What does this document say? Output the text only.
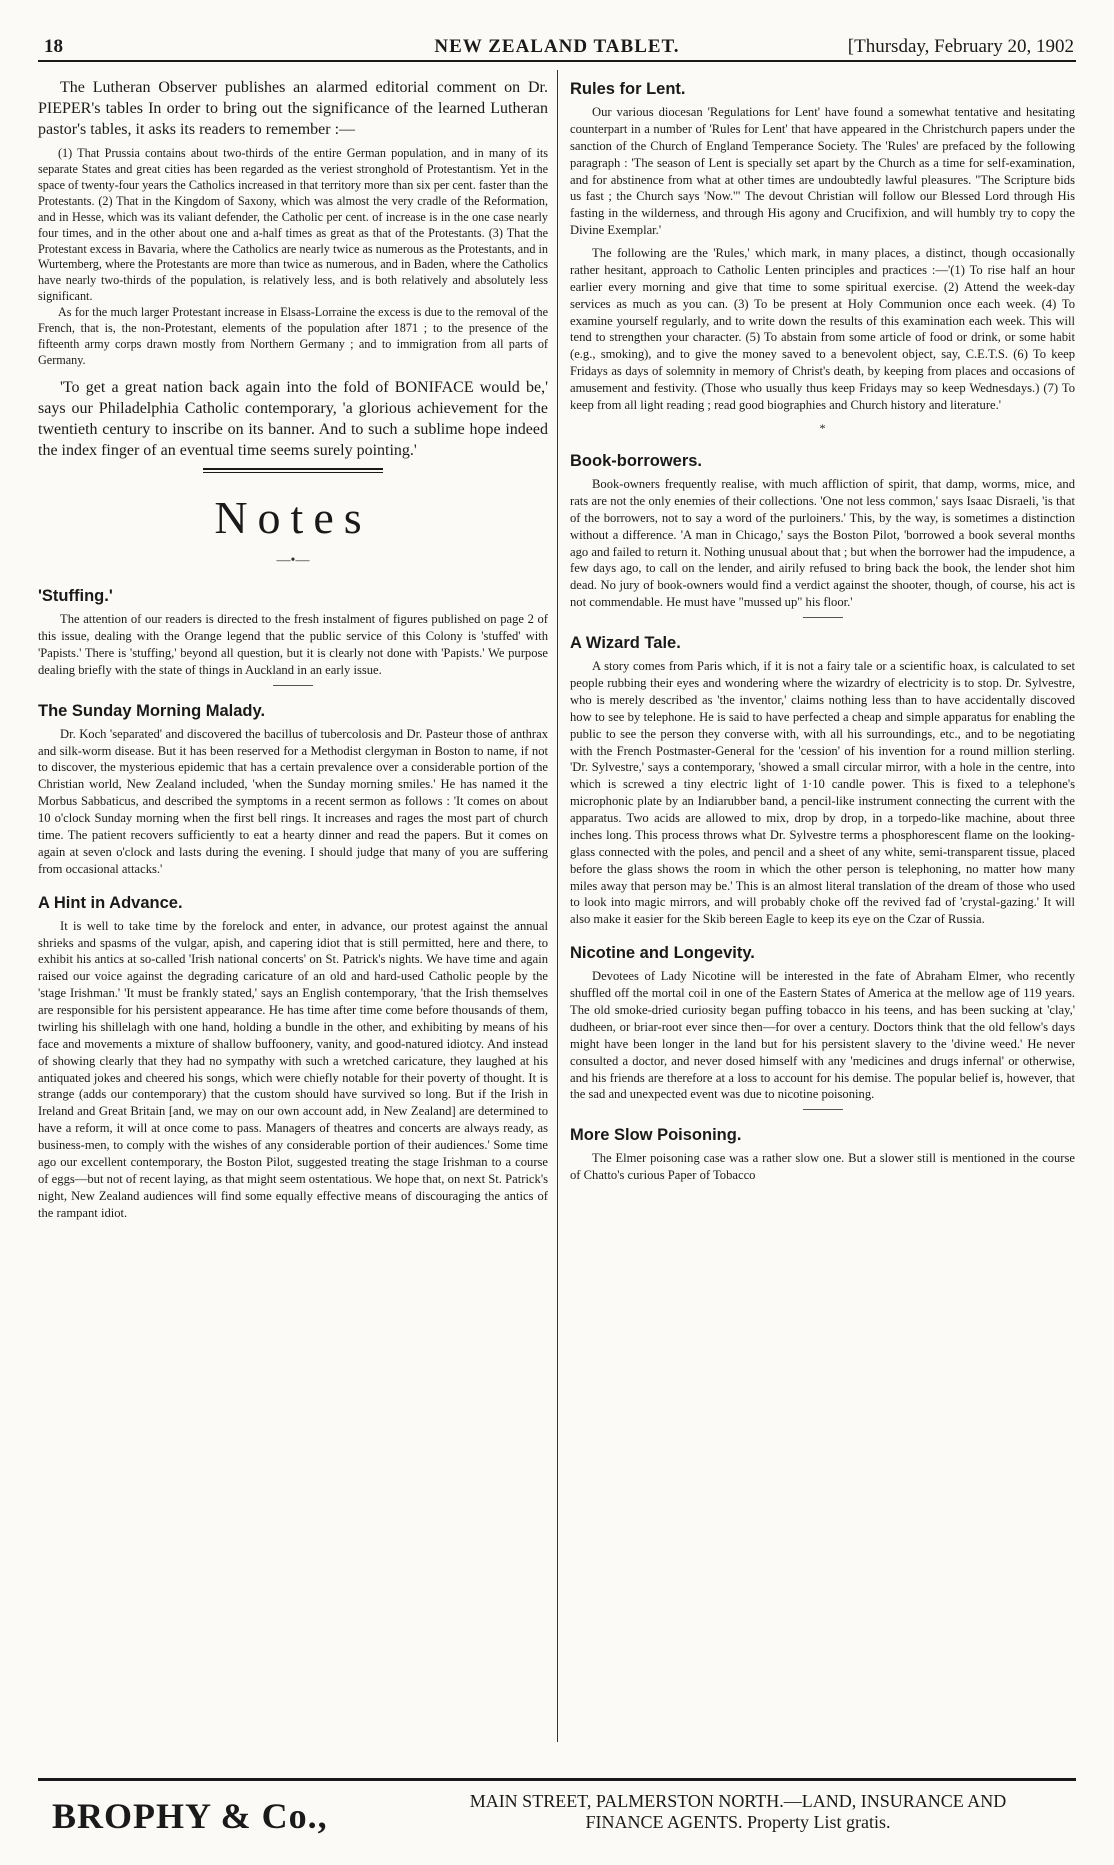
18	NEW ZEALAND TABLET.	[Thursday, February 20, 1902

The Lutheran Observer publishes an alarmed editorial comment on Dr. PIEPER's tables In order to bring out the significance of the learned Lutheran pastor's tables, it asks its readers to remember :—

(1) That Prussia contains about two-thirds of the entire German population, and in many of its separate States and great cities has been regarded as the veriest stronghold of Protestantism. Yet in the space of twenty-four years the Catholics increased in that territory more than six per cent. faster than the Protestants. (2) That in the Kingdom of Saxony, which was almost the very cradle of the Reformation, and in Hesse, which was its valiant defender, the Catholic per cent. of increase is in the one case nearly four times, and in the other about one and a-half times as great as that of the Protestants. (3) That the Protestant excess in Bavaria, where the Catholics are nearly twice as numerous as the Protestants, and in Wurtemberg, where the Protestants are more than twice as numerous, and in Baden, where the Catholics have nearly two-thirds of the population, is relatively less, and is both relatively and absolutely less significant.

As for the much larger Protestant increase in Elsass-Lorraine the excess is due to the removal of the French, that is, the non-Protestant, elements of the population after 1871 ; to the presence of the fifteenth army corps drawn mostly from Northern Germany ; and to immigration from all parts of Germany.

'To get a great nation back again into the fold of BONIFACE would be,' says our Philadelphia Catholic contemporary, 'a glorious achievement for the twentieth century to inscribe on its banner. And to such a sublime hope indeed the index finger of an eventual time seems surely pointing.'

Notes
—•—
'Stuffing.'

The attention of our readers is directed to the fresh instalment of figures published on page 2 of this issue, dealing with the Orange legend that the public service of this Colony is 'stuffed' with 'Papists.' There is 'stuffing,' beyond all question, but it is clearly not done with 'Papists.' We purpose dealing briefly with the state of things in Auckland in an early issue.

The Sunday Morning Malady.

Dr. Koch 'separated' and discovered the bacillus of tubercolosis and Dr. Pasteur those of anthrax and silk-worm disease. But it has been reserved for a Methodist clergyman in Boston to name, if not to discover, the mysterious epidemic that has a certain prevalence over a considerable portion of the Christian world, New Zealand included, 'when the Sunday morning smiles.' He has named it the Morbus Sabbaticus, and described the symptoms in a recent sermon as follows : 'It comes on about 10 o'clock Sunday morning when the first bell rings. It increases and rages the most part of church time. The patient recovers sufficiently to eat a hearty dinner and read the papers. But it comes on again at seven o'clock and lasts during the evening. I should judge that many of you are suffering from occasional attacks.'

A Hint in Advance.

It is well to take time by the forelock and enter, in advance, our protest against the annual shrieks and spasms of the vulgar, apish, and capering idiot that is still permitted, here and there, to exhibit his antics at so-called 'Irish national concerts' on St. Patrick's nights. We have time and again raised our voice against the degrading caricature of an old and hard-used Catholic people by the 'stage Irishman.' 'It must be frankly stated,' says an English contemporary, 'that the Irish themselves are responsible for his persistent appearance. He has time after time come before thousands of them, twirling his shillelagh with one hand, holding a bundle in the other, and exhibiting by means of his face and movements a mixture of shallow buffoonery, vanity, and good-natured idiotcy. And instead of showing clearly that they had no sympathy with such a wretched caricature, they laughed at his antiquated jokes and cheered his songs, which were chiefly notable for their poverty of thought. It is strange (adds our contemporary) that the custom should have survived so long. But if the Irish in Ireland and Great Britain [and, we may on our own account add, in New Zealand] are determined to have a reform, it will at once come to pass. Managers of theatres and concerts are always ready, as business-men, to comply with the wishes of any considerable portion of their audiences.' Some time ago our excellent contemporary, the Boston Pilot, suggested treating the stage Irishman to a course of eggs—but not of recent laying, as that might seem ostentatious. We hope that, on next St. Patrick's night, New Zealand audiences will find some equally effective means of discouraging the antics of the rampant idiot.

Rules for Lent.

Our various diocesan 'Regulations for Lent' have found a somewhat tentative and hesitating counterpart in a number of 'Rules for Lent' that have appeared in the Christchurch papers under the sanction of the Church of England Temperance Society. The 'Rules' are prefaced by the following paragraph : 'The season of Lent is specially set apart by the Church as a time for self-examination, and for abstinence from what at other times are undoubtedly lawful pleasures. "The Scripture bids us fast ; the Church says 'Now.'" The devout Christian will follow our Blessed Lord through His fasting in the wilderness, and through His agony and Crucifixion, and will humbly try to copy the Divine Exemplar.'

The following are the 'Rules,' which mark, in many places, a distinct, though occasionally rather hesitant, approach to Catholic Lenten principles and practices :—'(1) To rise half an hour earlier every morning and give that time to some spiritual exercise. (2) Attend the week-day services as much as you can. (3) To be present at Holy Communion once each week. (4) To examine yourself regularly, and to write down the results of this examination each week. This will tend to strengthen your character. (5) To abstain from some article of food or drink, or some habit (e.g., smoking), and to give the money saved to a benevolent object, say, C.E.T.S. (6) To keep Fridays as days of solemnity in memory of Christ's death, by keeping from places and occasions of amusement and festivity. (Those who usually thus keep Fridays may so keep Wednesdays.) (7) To keep from all light reading ; read good biographies and Church history and literature.'

*
Book-borrowers.

Book-owners frequently realise, with much affliction of spirit, that damp, worms, mice, and rats are not the only enemies of their collections. 'One not less common,' says Isaac Disraeli, 'is that of the borrowers, not to say a word of the purloiners.' This, by the way, is sometimes a distinction without a difference. 'A man in Chicago,' says the Boston Pilot, 'borrowed a book several months ago and failed to return it. Nothing unusual about that ; but when the borrower had the impudence, a few days ago, to call on the lender, and airily refused to bring back the book, the lender shot him dead. No jury of book-owners would find a verdict against the shooter, though, of course, his act is not commendable. He must have "mussed up" his floor.'

A Wizard Tale.

A story comes from Paris which, if it is not a fairy tale or a scientific hoax, is calculated to set people rubbing their eyes and wondering where the wizardry of electricity is to stop. Dr. Sylvestre, who is merely described as 'the inventor,' claims nothing less than to have accidentally discoved how to see by telephone. He is said to have perfected a cheap and simple apparatus for enabling the public to see the person they converse with, with all his surroundings, etc., and to be negotiating with the French Postmaster-General for the 'cession' of his invention for a round million sterling. 'Dr. Sylvestre,' says a contemporary, 'showed a small circular mirror, with a hole in the centre, into which is screwed a tiny electric light of 1·10 candle power. This is fixed to a telephone's microphonic plate by an Indiarubber band, a pencil-like instrument connecting the current with the apparatus. Two acids are allowed to mix, drop by drop, in a torpedo-like machine, about three inches long. This process throws what Dr. Sylvestre terms a phosphorescent flame on the looking-glass connected with the poles, and pencil and a sheet of any white, semi-transparent tissue, placed before the glass shows the room in which the other person is telephoning, no matter how many miles away that person may be.' This is an almost literal translation of the dream of those who used to look into magic mirrors, and will probably choke off the revived fad of 'crystal-gazing.' It will also make it easier for the Skib bereen Eagle to keep its eye on the Czar of Russia.

Nicotine and Longevity.

Devotees of Lady Nicotine will be interested in the fate of Abraham Elmer, who recently shuffled off the mortal coil in one of the Eastern States of America at the mellow age of 119 years. The old smoke-dried curiosity began puffing tobacco in his teens, and has been sucking at 'clay,' dudheen, or briar-root ever since then—for over a century. Doctors think that the old fellow's days might have been longer in the land but for his persistent slavery to the 'divine weed.' He never consulted a doctor, and never dosed himself with any 'medicines and drugs infernal' or otherwise, and his friends are therefore at a loss to account for his demise. The popular belief is, however, that the sad and unexpected event was due to nicotine poisoning.

More Slow Poisoning.

The Elmer poisoning case was a rather slow one. But a slower still is mentioned in the course of Chatto's curious Paper of Tobacco

BROPHY & Co.,	MAIN STREET, PALMERSTON NORTH.—LAND, INSURANCE AND
FINANCE AGENTS. Property List gratis.
